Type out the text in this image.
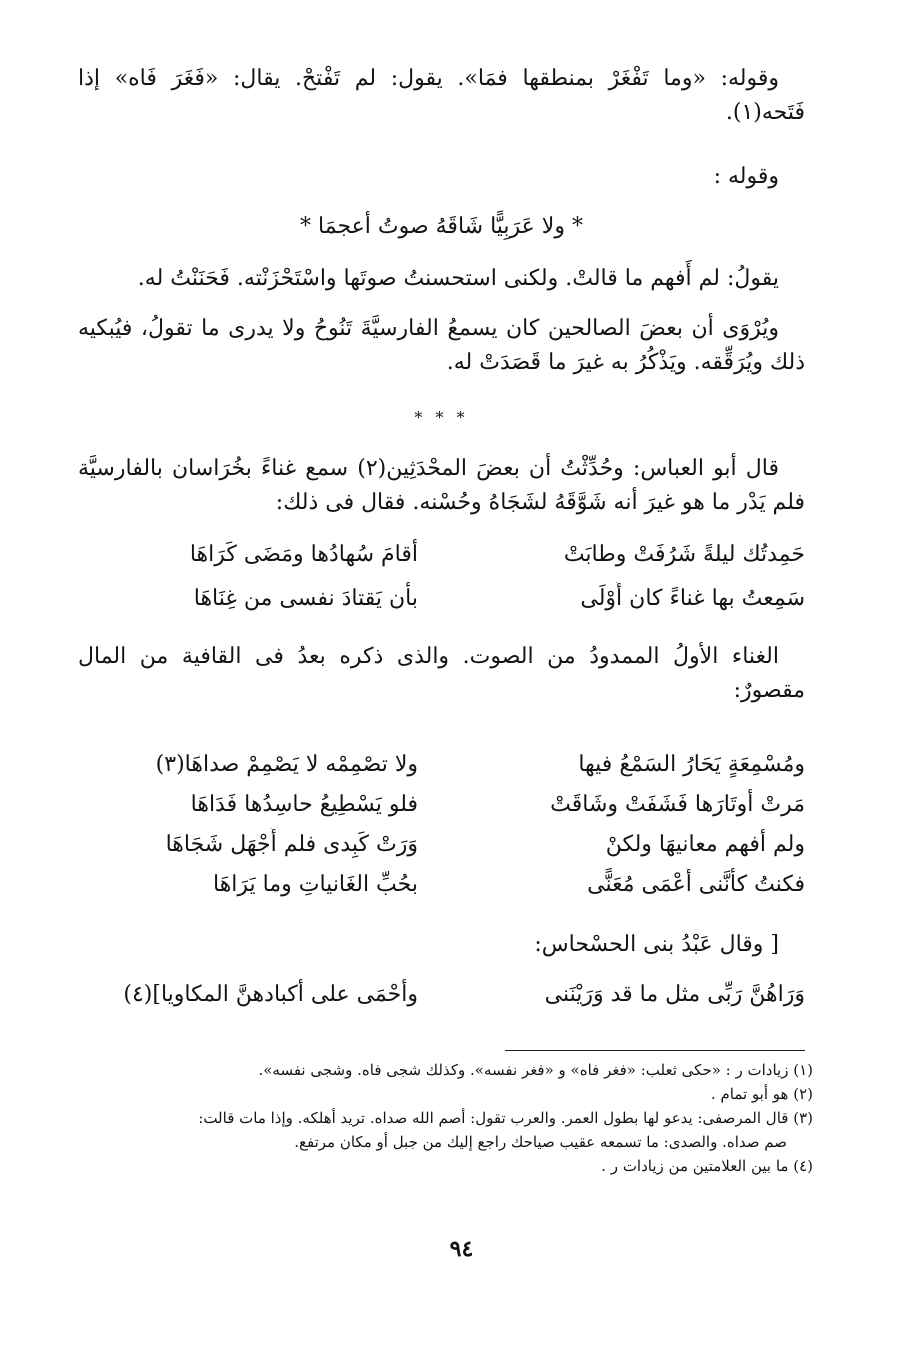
وقوله: «وما تَفْغَرْ بمنطقها فمَا». يقول: لم تَفْتحْ. يقال: «فَغَرَ فَاه» إذا فَتَحه(١).

وقوله :

* ولا عَرَبِيًّا شَاقَهُ صوتُ أعجمَا *

يقولُ: لم أَفهم ما قالتْ. ولكنى استحسنتُ صوتَها واسْتَحْزَنْته. فَحَنَنْتُ له.

ويُرْوَى أن بعضَ الصالحين كان يسمعُ الفارسيَّةَ تَنُوحُ ولا يدرى ما تقولُ، فيُبكيه ذلك ويُرَقِّقه. ويَذْكُرُ به غيرَ ما قَصَدَتْ له.

* * *

قال أبو العباس: وحُدِّثْتُ أن بعضَ المحْدَثِين(٢) سمع غناءً بخُرَاسان بالفارسيَّة فلم يَدْر ما هو غيرَ أنه شَوَّقَهُ لشَجَاهُ وحُسْنه. فقال فى ذلك:

حَمِدتُك ليلةً شَرُفَتْ وطابَتْ
أقامَ سُهادُها ومَضَى كَرَاهَا
سَمِعتُ بها غناءً كان أَوْلَى
بأن يَقتادَ نفسى من غِنَاهَا

الغناء الأولُ الممدودُ من الصوت. والذى ذكره بعدُ فى القافية من المال مقصورٌ:

ومُسْمِعَةٍ يَحَارُ السَمْعُ فيها
ولا تصْمِمْه لا يَصْمِمْ صداهَا(٣)
مَرتْ أوتَارَها فَشَفَتْ وشَاقَتْ
فلو يَسْطِيعُ حاسِدُها فَدَاهَا
ولم أفهم معانيهَا ولكنْ
وَرَتْ كَبِدى فلم أَجْهَل شَجَاهَا
فكنتُ كأنَّنى أَعْمَى مُعَنًّى
بحُبِّ الغَانياتِ وما يَرَاهَا

[ وقال عَبْدُ بنى الحسْحاس:

وَرَاهُنَّ رَبِّى مثل ما قد وَرَيْنَنى
وأحْمَى على أكبادهنَّ المكاويا](٤)

(١) زيادات ر : «حكى ثعلب: «فغر فاه» و «فغر نفسه». وكذلك شجى فاه. وشجى نفسه».

(٢) هو أبو تمام .

(٣) قال المرصفى: يدعو لها بطول العمر. والعرب تقول: أصم الله صداه. تريد أهلكه. وإذا مات قالت:

صم صداه. والصدى: ما تسمعه عقيب صياحك راجع إليك من جبل أو مكان مرتفع.

(٤) ما بين العلامتين من زيادات ر .

٩٤
